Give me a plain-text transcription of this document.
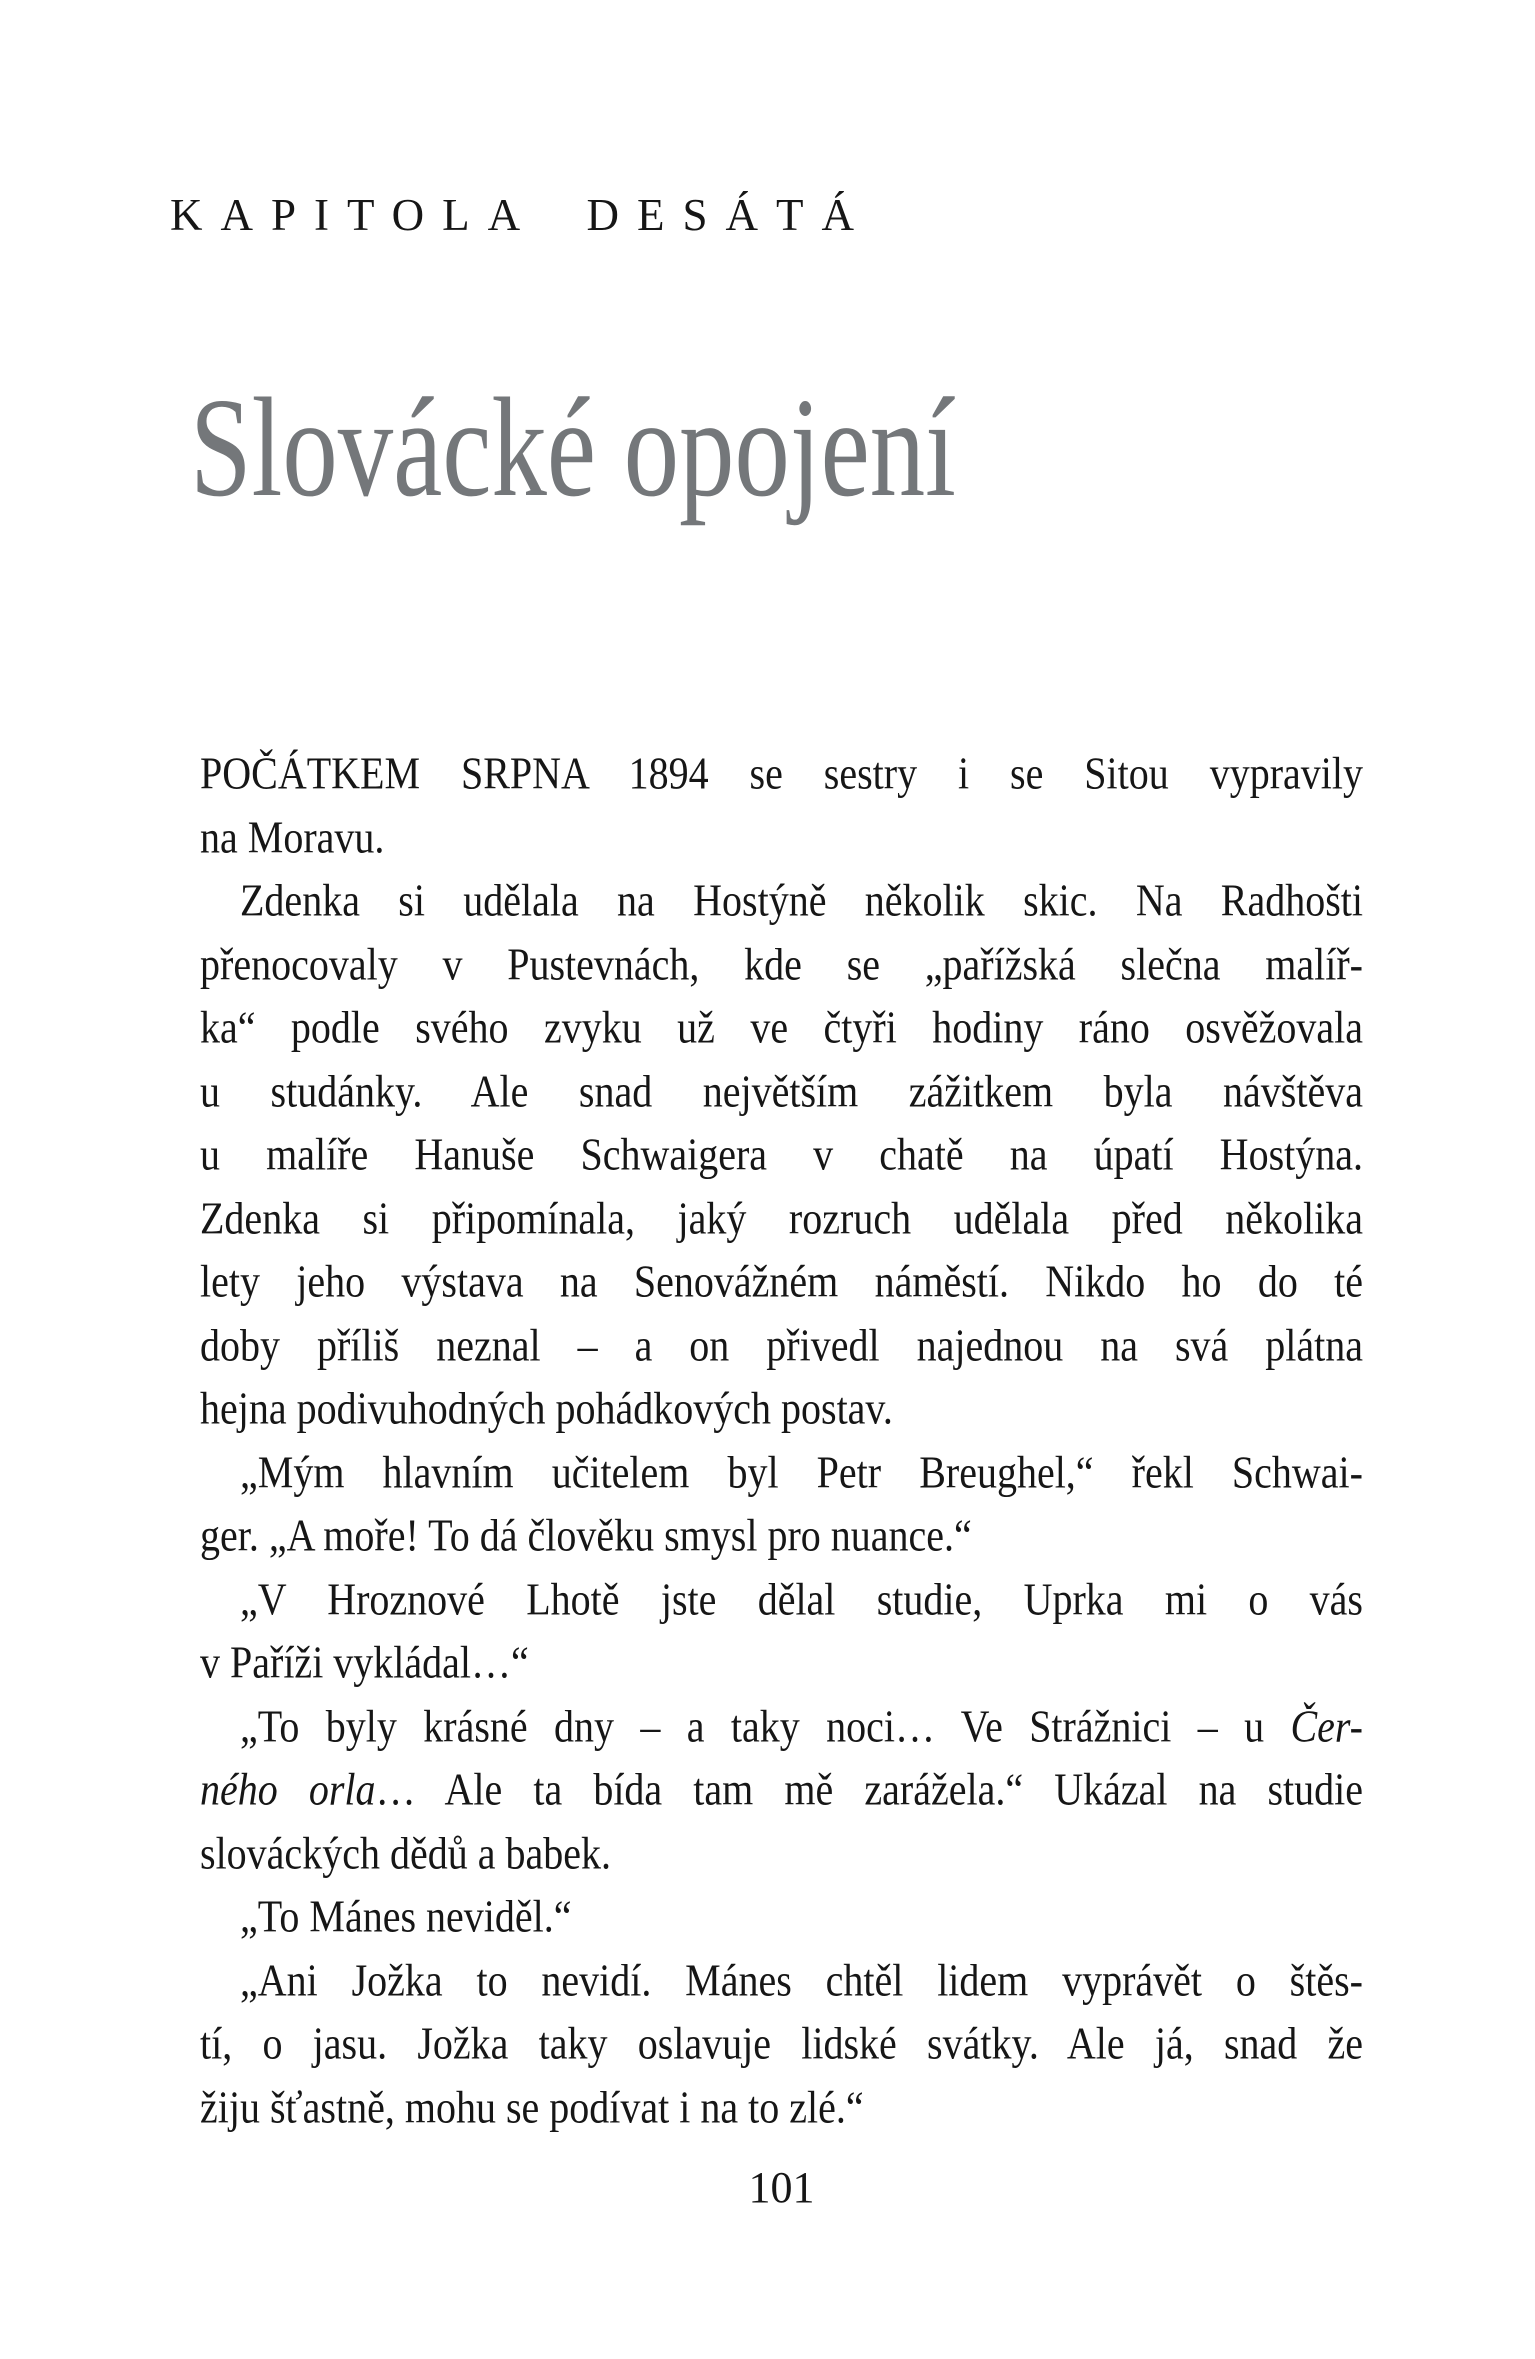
KAPITOLA DESÁTÁ
Slovácké opojení
POČÁTKEM SRPNA 1894 se sestry i se Sitou vypravily
na Moravu.
Zdenka si udělala na Hostýně několik skic. Na Radhošti
přenocovaly v Pustevnách, kde se „pařížská slečna malíř-
ka“ podle svého zvyku už ve čtyři hodiny ráno osvěžovala
u studánky. Ale snad největším zážitkem byla návštěva
u malíře Hanuše Schwaigera v chatě na úpatí Hostýna.
Zdenka si připomínala, jaký rozruch udělala před několika
lety jeho výstava na Senovážném náměstí. Nikdo ho do té
doby příliš neznal – a on přivedl najednou na svá plátna
hejna podivuhodných pohádkových postav.
„Mým hlavním učitelem byl Petr Breughel,“ řekl Schwai-
ger. „A moře! To dá člověku smysl pro nuance.“
„V Hroznové Lhotě jste dělal studie, Uprka mi o vás
v Paříži vykládal…“
„To byly krásné dny – a taky noci… Ve Strážnici – u Čer-
ného orla… Ale ta bída tam mě zarážela.“ Ukázal na studie
slováckých dědů a babek.
„To Mánes neviděl.“
„Ani Jožka to nevidí. Mánes chtěl lidem vyprávět o štěs-
tí, o jasu. Jožka taky oslavuje lidské svátky. Ale já, snad že
žiju šťastně, mohu se podívat i na to zlé.“
101
